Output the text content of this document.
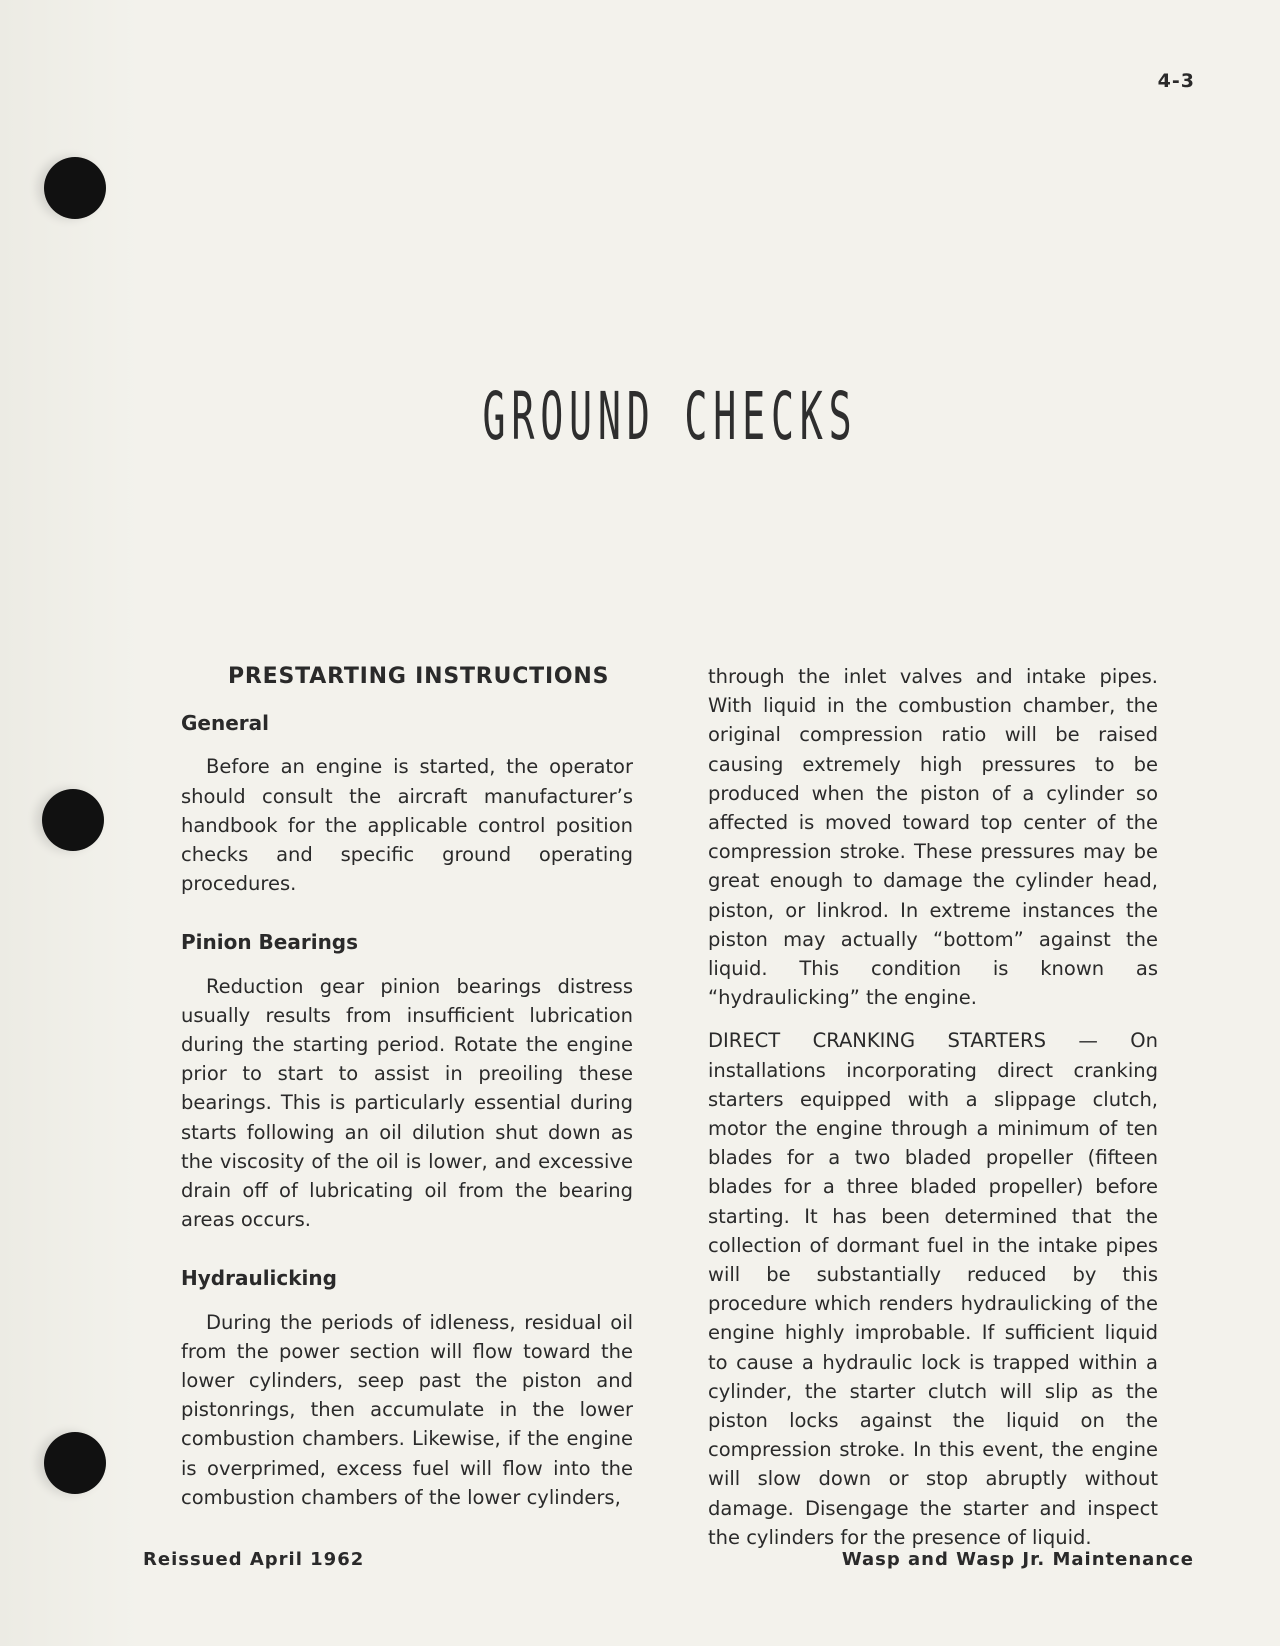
4-3
GROUND CHECKS
PRESTARTING INSTRUCTIONS
General

Before an engine is started, the operator should consult the aircraft manufacturer’s handbook for the applicable control position checks and specific ground operating procedures.

Pinion Bearings

Reduction gear pinion bearings distress usually results from insufficient lubrication during the starting period. Rotate the engine prior to start to assist in preoiling these bearings. This is particularly essential during starts following an oil dilution shut down as the viscosity of the oil is lower, and excessive drain off of lubricating oil from the bearing areas occurs.

Hydraulicking

During the periods of idleness, residual oil from the power section will flow toward the lower cylinders, seep past the piston and pistonrings, then accumulate in the lower combustion chambers. Likewise, if the engine is overprimed, excess fuel will flow into the combustion chambers of the lower cylinders,

through the inlet valves and intake pipes. With liquid in the combustion chamber, the original compression ratio will be raised causing extremely high pressures to be produced when the piston of a cylinder so affected is moved toward top center of the compression stroke. These pressures may be great enough to damage the cylinder head, piston, or linkrod. In extreme instances the piston may actually “bottom” against the liquid. This condition is known as “hydraulicking” the engine.

DIRECT CRANKING STARTERS — On installations incorporating direct cranking starters equipped with a slippage clutch, motor the engine through a minimum of ten blades for a two bladed propeller (fifteen blades for a three bladed propeller) before starting. It has been determined that the collection of dormant fuel in the intake pipes will be substantially reduced by this procedure which renders hydraulicking of the engine highly improbable. If sufficient liquid to cause a hydraulic lock is trapped within a cylinder, the starter clutch will slip as the piston locks against the liquid on the compression stroke. In this event, the engine will slow down or stop abruptly without damage. Disengage the starter and inspect the cylinders for the presence of liquid.

Reissued April 1962	Wasp and Wasp Jr. Maintenance
